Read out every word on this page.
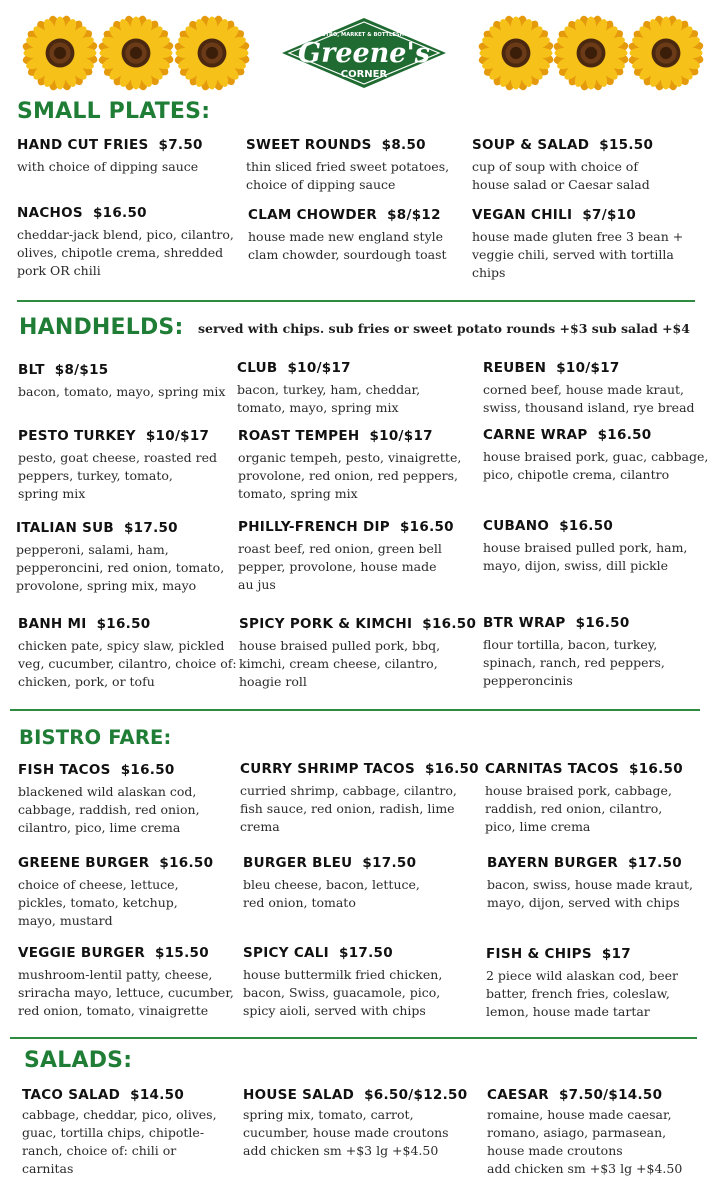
BISTRO, MARKET & BOTTLESHOP
Greene's
CORNER
SMALL PLATES:

HAND CUT FRIES $7.50

with choice of dipping sauce

SWEET ROUNDS $8.50

thin sliced fried sweet potatoes,
choice of dipping sauce

SOUP & SALAD $15.50

cup of soup with choice of
house salad or Caesar salad

NACHOS $16.50

cheddar-jack blend, pico, cilantro,
olives, chipotle crema, shredded
pork OR chili

CLAM CHOWDER $8/$12

house made new england style
clam chowder, sourdough toast

VEGAN CHILI $7/$10

house made gluten free 3 bean +
veggie chili, served with tortilla
chips

HANDHELDS: served with chips. sub fries or sweet potato rounds +$3 sub salad +$4

BLT $8/$15

bacon, tomato, mayo, spring mix

CLUB $10/$17

bacon, turkey, ham, cheddar,
tomato, mayo, spring mix

REUBEN $10/$17

corned beef, house made kraut,
swiss, thousand island, rye bread

PESTO TURKEY $10/$17

pesto, goat cheese, roasted red
peppers, turkey, tomato,
spring mix

ROAST TEMPEH $10/$17

organic tempeh, pesto, vinaigrette,
provolone, red onion, red peppers,
tomato, spring mix

CARNE WRAP $16.50

house braised pork, guac, cabbage,
pico, chipotle crema, cilantro

ITALIAN SUB $17.50

pepperoni, salami, ham,
pepperoncini, red onion, tomato,
provolone, spring mix, mayo

PHILLY-FRENCH DIP $16.50

roast beef, red onion, green bell
pepper, provolone, house made
au jus

CUBANO $16.50

house braised pulled pork, ham,
mayo, dijon, swiss, dill pickle

BANH MI $16.50

chicken pate, spicy slaw, pickled
veg, cucumber, cilantro, choice of:
chicken, pork, or tofu

SPICY PORK & KIMCHI $16.50

house braised pulled pork, bbq,
kimchi, cream cheese, cilantro,
hoagie roll

BTR WRAP $16.50

flour tortilla, bacon, turkey,
spinach, ranch, red peppers,
pepperoncinis

BISTRO FARE:

FISH TACOS $16.50

blackened wild alaskan cod,
cabbage, raddish, red onion,
cilantro, pico, lime crema

CURRY SHRIMP TACOS $16.50

curried shrimp, cabbage, cilantro,
fish sauce, red onion, radish, lime
crema

CARNITAS TACOS $16.50

house braised pork, cabbage,
raddish, red onion, cilantro,
pico, lime crema

GREENE BURGER $16.50

choice of cheese, lettuce,
pickles, tomato, ketchup,
mayo, mustard

BURGER BLEU $17.50

bleu cheese, bacon, lettuce,
red onion, tomato

BAYERN BURGER $17.50

bacon, swiss, house made kraut,
mayo, dijon, served with chips

VEGGIE BURGER $15.50

mushroom-lentil patty, cheese,
sriracha mayo, lettuce, cucumber,
red onion, tomato, vinaigrette

SPICY CALI $17.50

house buttermilk fried chicken,
bacon, Swiss, guacamole, pico,
spicy aioli, served with chips

FISH & CHIPS $17

2 piece wild alaskan cod, beer
batter, french fries, coleslaw,
lemon, house made tartar

SALADS:

TACO SALAD $14.50

cabbage, cheddar, pico, olives,
guac, tortilla chips, chipotle-
ranch, choice of: chili or
carnitas

HOUSE SALAD $6.50/$12.50

spring mix, tomato, carrot,
cucumber, house made croutons
add chicken sm +$3 lg +$4.50

CAESAR $7.50/$14.50

romaine, house made caesar,
romano, asiago, parmasean,
house made croutons
add chicken sm +$3 lg +$4.50
